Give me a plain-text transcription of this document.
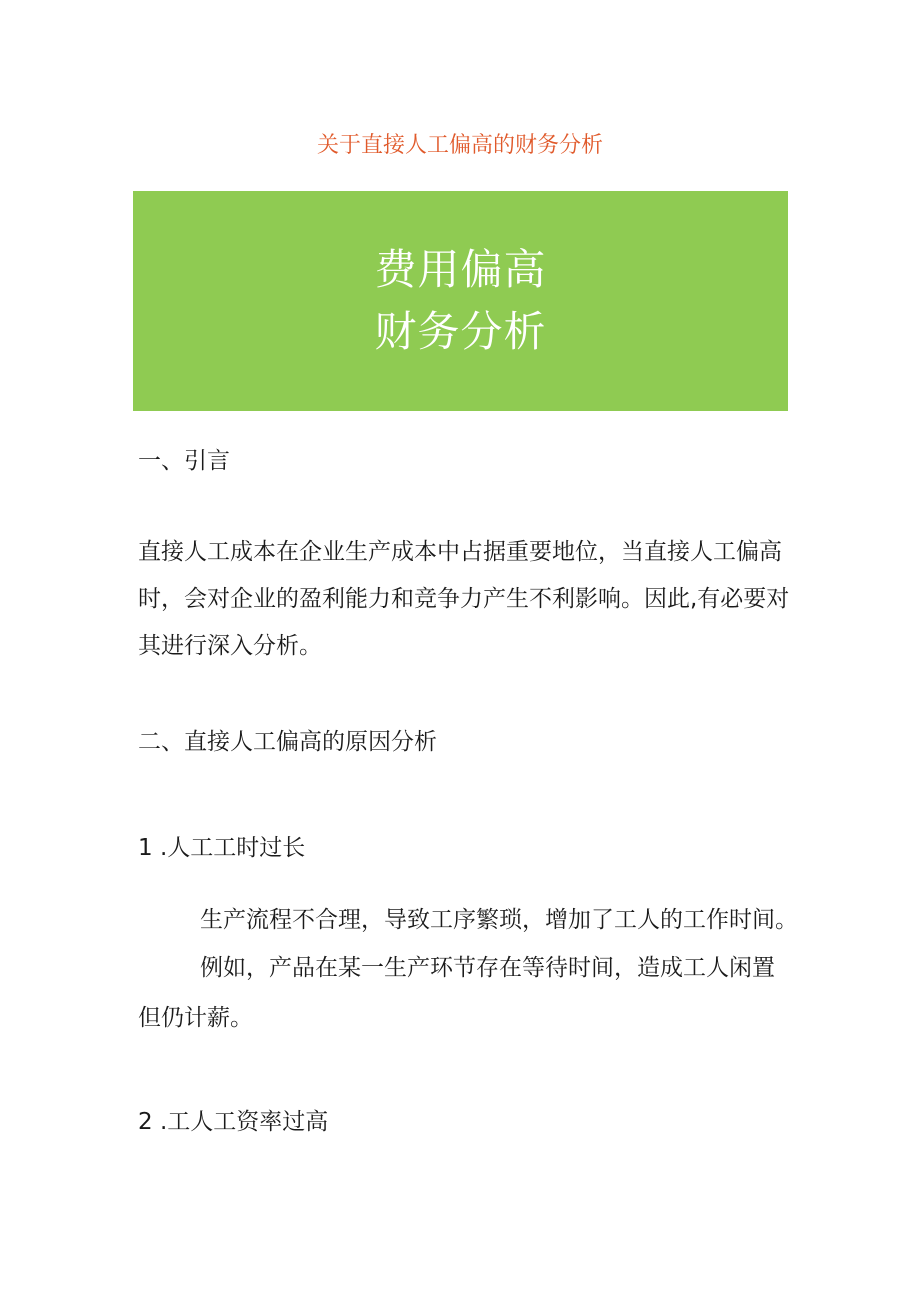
关于直接人工偏高的财务分析
费用偏高
财务分析
一、引言
直接人工成本在企业生产成本中占据重要地位，当直接人工偏高
时，会对企业的盈利能力和竞争力产生不利影响。因此,有必要对
其进行深入分析。
二、直接人工偏高的原因分析
1 .人工工时过长
生产流程不合理，导致工序繁琐，增加了工人的工作时间。
例如，产品在某一生产环节存在等待时间，造成工人闲置
但仍计薪。
2 .工人工资率过高
